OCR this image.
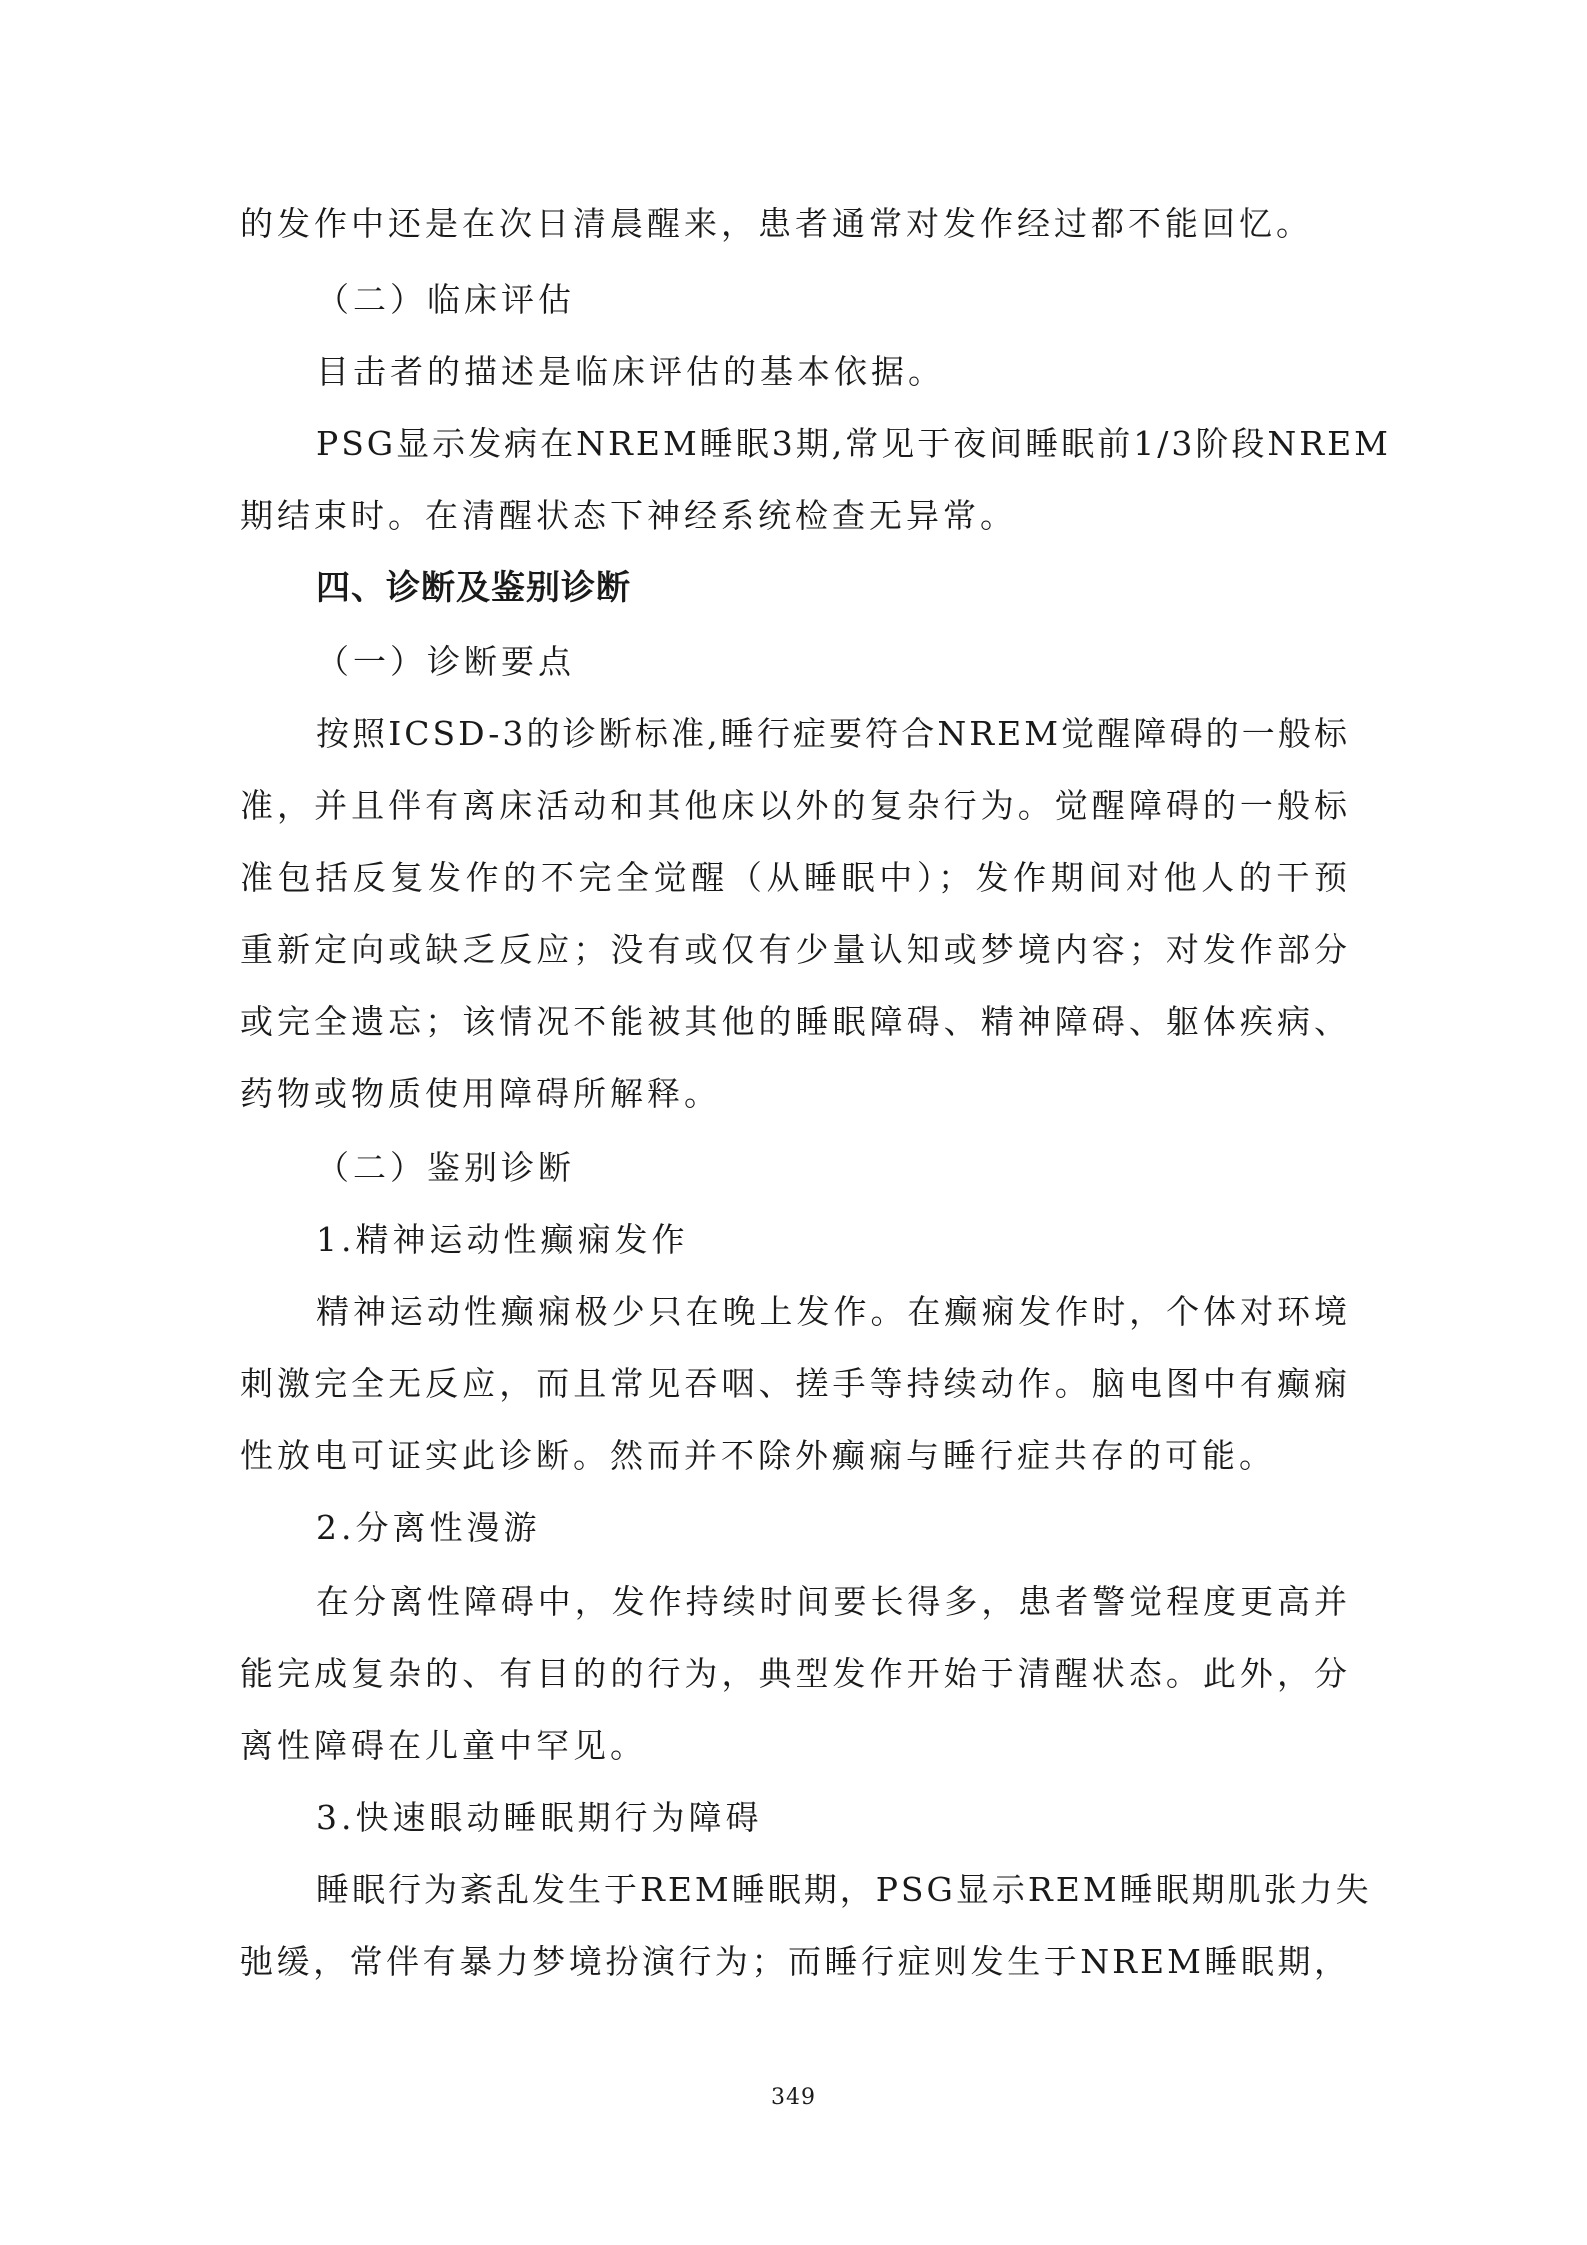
的发作中还是在次日清晨醒来，患者通常对发作经过都不能回忆。
（二）临床评估
目击者的描述是临床评估的基本依据。
PSG显示发病在NREM睡眠3期,常见于夜间睡眠前1/3阶段NREM
期结束时。在清醒状态下神经系统检查无异常。
四、诊断及鉴别诊断
（一）诊断要点
按照ICSD-3的诊断标准,睡行症要符合NREM觉醒障碍的一般标
准，并且伴有离床活动和其他床以外的复杂行为。觉醒障碍的一般标
准包括反复发作的不完全觉醒（从睡眠中）；发作期间对他人的干预
重新定向或缺乏反应；没有或仅有少量认知或梦境内容；对发作部分
或完全遗忘；该情况不能被其他的睡眠障碍、精神障碍、躯体疾病、
药物或物质使用障碍所解释。
（二）鉴别诊断
1.精神运动性癫痫发作
精神运动性癫痫极少只在晚上发作。在癫痫发作时，个体对环境
刺激完全无反应，而且常见吞咽、搓手等持续动作。脑电图中有癫痫
性放电可证实此诊断。然而并不除外癫痫与睡行症共存的可能。
2.分离性漫游
在分离性障碍中，发作持续时间要长得多，患者警觉程度更高并
能完成复杂的、有目的的行为，典型发作开始于清醒状态。此外，分
离性障碍在儿童中罕见。
3.快速眼动睡眠期行为障碍
睡眠行为紊乱发生于REM睡眠期，PSG显示REM睡眠期肌张力失
弛缓，常伴有暴力梦境扮演行为；而睡行症则发生于NREM睡眠期，
349
